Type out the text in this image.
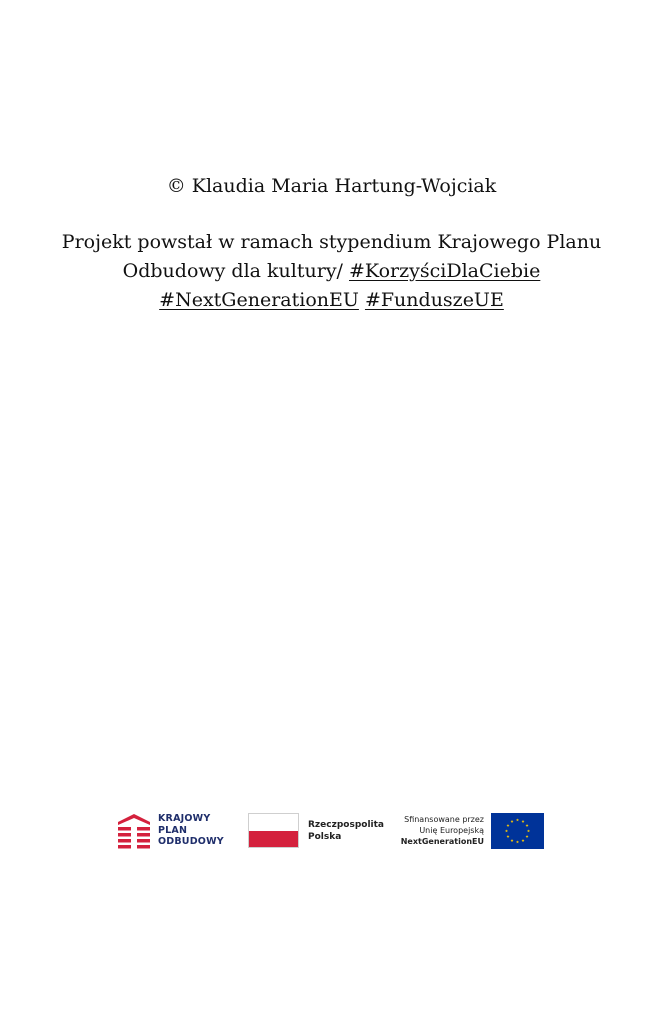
© Klaudia Maria Hartung-Wojciak
Projekt powstał w ramach stypendium Krajowego Planu Odbudowy dla kultury/ #KorzyściDlaCiebie
#NextGenerationEU #FunduszeUE
KRAJOWY
PLAN
ODBUDOWY
Rzeczpospolita
Polska
Sfinansowane przez
Unię Europejską
NextGenerationEU
